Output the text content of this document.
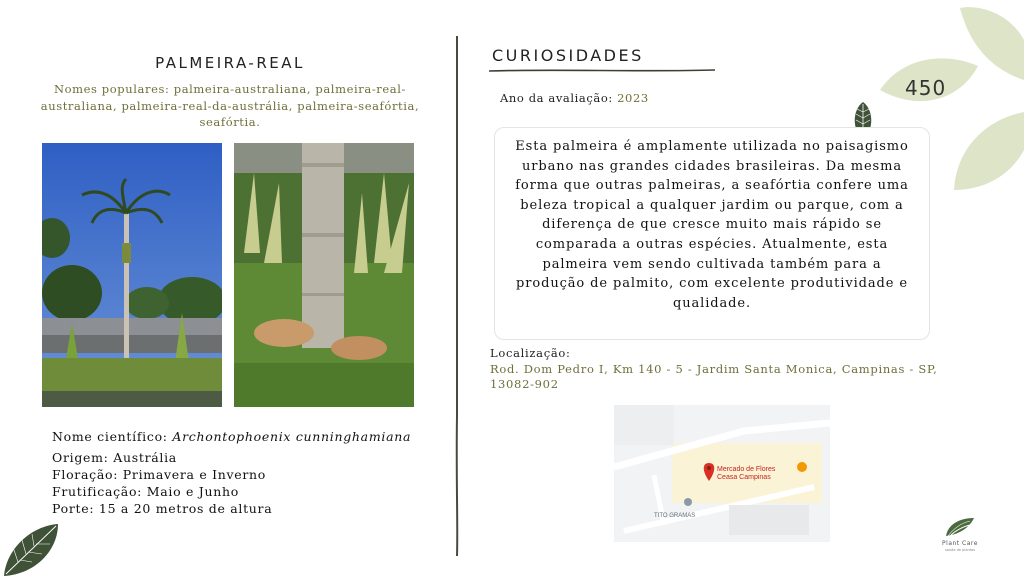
450
PALMEIRA-REAL
Nomes populares: palmeira-australiana, palmeira-real-australiana, palmeira-real-da-austrália, palmeira-seafórtia, seafórtia.
Nome científico: Archontophoenix cunninghamiana
Origem: Austrália
Floração: Primavera e Inverno
Frutificação: Maio e Junho
Porte: 15 a 20 metros de altura
CURIOSIDADES
Ano da avaliação: 2023
Esta palmeira é amplamente utilizada no paisagismo urbano nas grandes cidades brasileiras. Da mesma forma que outras palmeiras, a seafórtia confere uma beleza tropical a qualquer jardim ou parque, com a diferença de que cresce muito mais rápido se comparada a outras espécies. Atualmente, esta palmeira vem sendo cultivada também para a produção de palmito, com excelente produtividade e qualidade.
Localização:
Rod. Dom Pedro I, Km 140 - 5 - Jardim Santa Monica, Campinas - SP, 13082-902
Mercado de Flores
Ceasa Campinas
TITO GRAMAS
Plant Care
saúde de plantas
